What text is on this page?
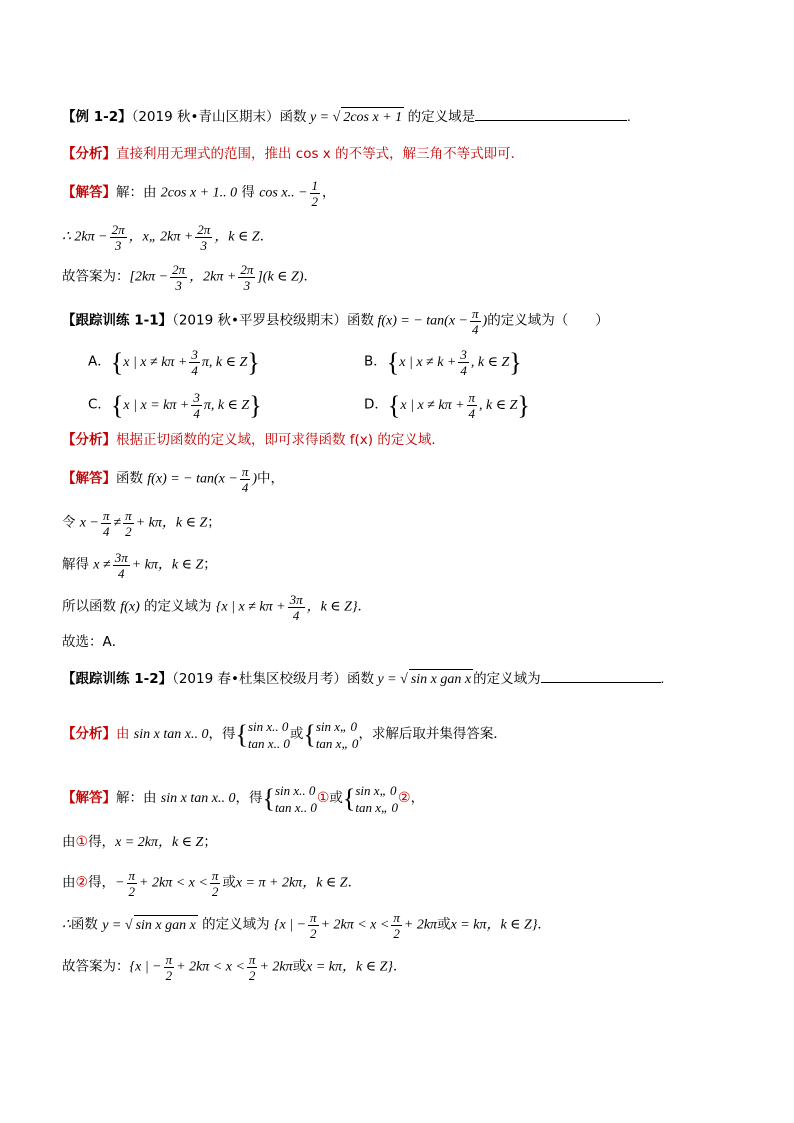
【例 1-2】（2019 秋•青山区期末）函数 y = √ 2cos x + 1 的定义域是	.
【分析】直接利用无理式的范围，推出 cos x 的不等式，解三角不等式即可．
【解答】解：由 2cos x + 1.. 0 得 cos x.. − $\frac{1}{2}$ ，
∴ $2k\pi - \frac{2\pi}{3}$ ，x„ $2k\pi + \frac{2\pi}{3}$ ，k ∈ Z．
故答案为：[$2k\pi - \frac{2\pi}{3}$ ，$2k\pi + \frac{2\pi}{3} ](k$ ∈ Z)．
【跟踪训练 1-1】（2019 秋•平罗县校级期末）函数 f(x) = − $\tan(x - \frac{\pi}{4}$ )的定义域为（　　）
A．{x | $x \ne k\pi + \frac{3}{4} \pi$, k ∈ Z}	B．{x | $x \ne k + \frac{3}{4}$ , k ∈ Z}
C．{x | $x = k\pi + \frac{3}{4} \pi$, k ∈ Z}	D．{x | $x \ne k\pi + \frac{\pi}{4}$ , k ∈ Z}
【分析】根据正切函数的定义域，即可求得函数 f(x) 的定义域．
【解答】函数 f(x) = − $\tan(x - \frac{\pi}{4}$ )中，
令 $x - \frac{\pi}{4} \ne \frac{\pi}{2} + k\pi$，k ∈ Z；
解得 $x \ne \frac{3\pi}{4} + k\pi$，k ∈ Z；
所以函数 f(x) 的定义域为 {x | $x \ne k\pi + \frac{3\pi}{4}$ ，k ∈ Z}．
故选：A．
【跟踪训练 1-2】（2019 春•杜集区校级月考）函数 y = √ sin x gan x 的定义域为	.
【分析】由 sin x tan x.. 0，得{sin x.. 0
tan x.. 0或{sin x„ 0
tan x„ 0，求解后取并集得答案．
【解答】解：由 sin x tan x.. 0，得{sin x.. 0
tan x.. 0①或{sin x„ 0
tan x„ 0②，
由①得，x = 2kπ，k ∈ Z；
由②得，− $\frac{\pi}{2} + 2k\pi < x < \frac{\pi}{2}$ 或x = π + 2kπ，k ∈ Z．
∴函数 y = √ sin x gan x 的定义域为 {x | − $\frac{\pi}{2} + 2k\pi < x < \frac{\pi}{2} + 2k\pi$或x = kπ，k ∈ Z}．
故答案为：{x | − $\frac{\pi}{2} + 2k\pi < x < \frac{\pi}{2} + 2k\pi$或x = kπ，k ∈ Z}．
